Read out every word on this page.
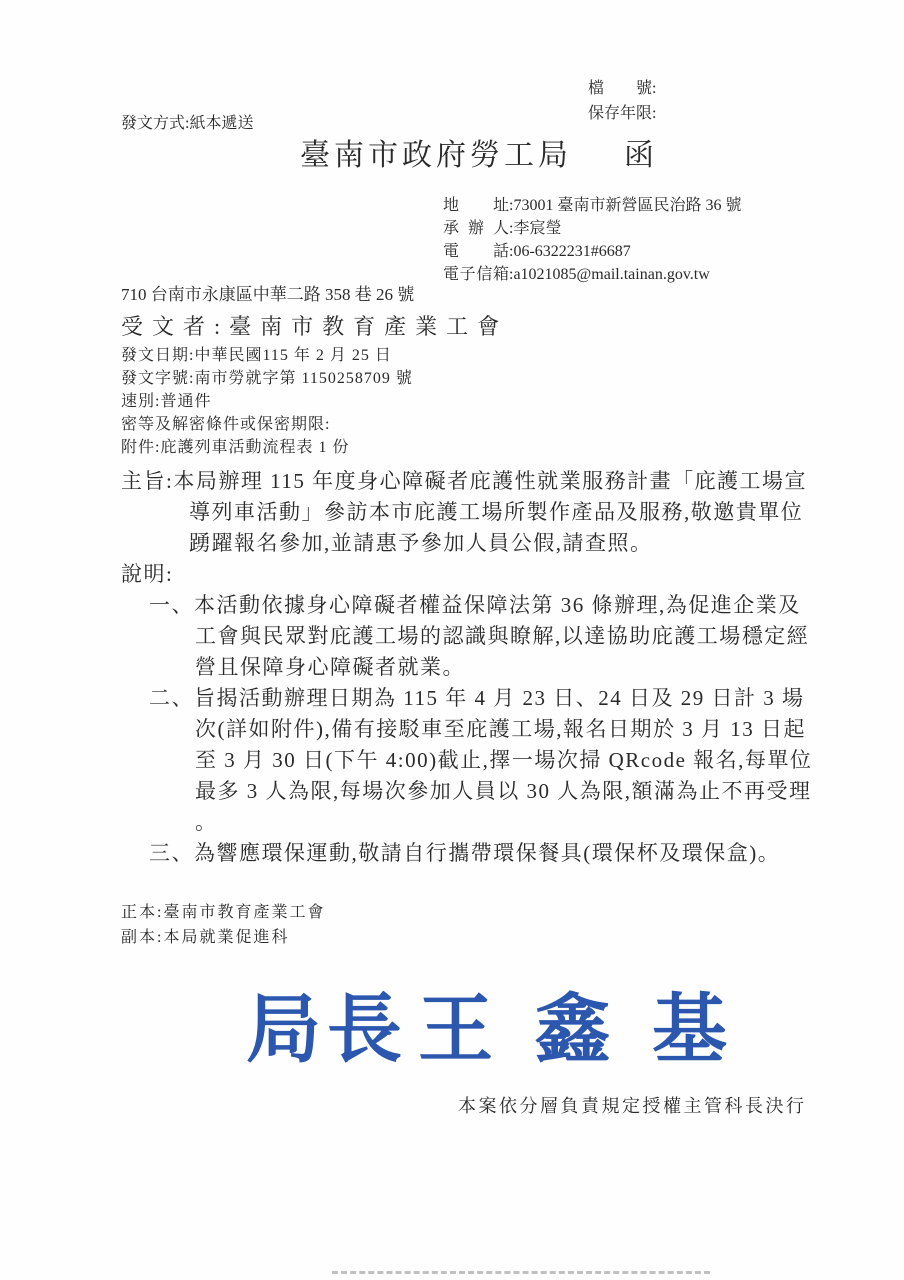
檔　　號:
保存年限:
發文方式:紙本遞送
臺南市政府勞工局 函
地址:73001 臺南市新營區民治路 36 號
承辦人:李宸瑩
電話:06-6322231#6687
電子信箱:a1021085@mail.tainan.gov.tw
710 台南市永康區中華二路 358 巷 26 號
受文者:臺南市教育產業工會
發文日期:中華民國115 年 2 月 25 日
發文字號:南市勞就字第 1150258709 號
速別:普通件
密等及解密條件或保密期限:
附件:庇護列車活動流程表 1 份

主旨:本局辦理 115 年度身心障礙者庇護性就業服務計畫「庇護工場宣導列車活動」參訪本市庇護工場所製作產品及服務,敬邀貴單位踴躍報名參加,並請惠予參加人員公假,請查照。

說明:

一、本活動依據身心障礙者權益保障法第 36 條辦理,為促進企業及工會與民眾對庇護工場的認識與瞭解,以達協助庇護工場穩定經營且保障身心障礙者就業。

二、旨揭活動辦理日期為 115 年 4 月 23 日、24 日及 29 日計 3 場次(詳如附件),備有接駁車至庇護工場,報名日期於 3 月 13 日起至 3 月 30 日(下午 4:00)截止,擇一場次掃 QRcode 報名,每單位最多 3 人為限,每場次參加人員以 30 人為限,額滿為止不再受理 。

三、為響應環保運動,敬請自行攜帶環保餐具(環保杯及環保盒)。

正本:臺南市教育產業工會
副本:本局就業促進科
局長 王鑫基
本案依分層負責規定授權主管科長決行
